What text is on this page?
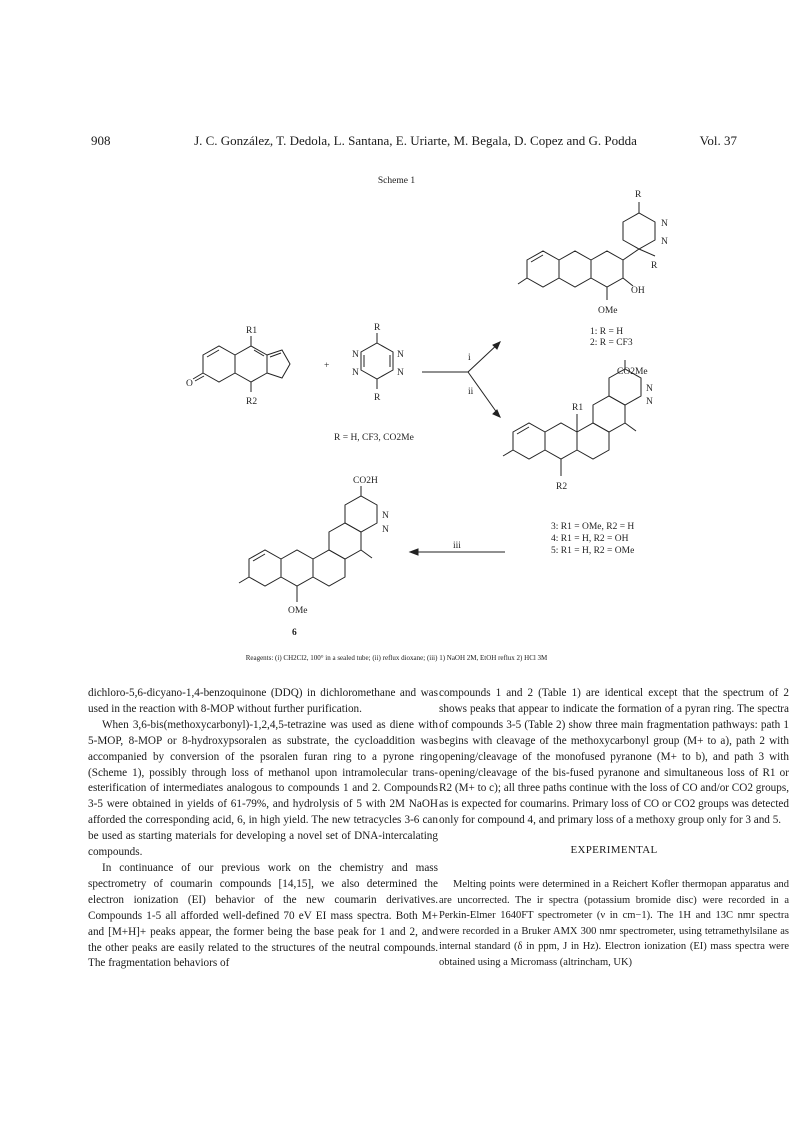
908	J. C. González, T. Dedola, L. Santana, E. Uriarte, M. Begala, D. Copez and G. Podda	Vol. 37
Scheme 1
R1
R2
O
+
R
R
N
N
N
N
R = H, CF3, CO2Me
i
ii
iii
R
N
N
R
OH
OMe
1: R = H
2: R = CF3
CO2Me
R1
R2
N
N
3: R1 = OMe, R2 = H
4: R1 = H, R2 = OH
5: R1 = H, R2 = OMe
CO2H
N
N
OMe
6
Reagents: (i) CH2Cl2, 100° in a sealed tube; (ii) reflux dioxane; (iii) 1) NaOH 2M, EtOH reflux 2) HCl 3M

dichloro-5,6-dicyano-1,4-benzoquinone (DDQ) in dichloromethane and was used in the reaction with 8-MOP without further purification.

When 3,6-bis(methoxycarbonyl)-1,2,4,5-tetrazine was used as diene with 5-MOP, 8-MOP or 8-hydroxypsoralen as substrate, the cycloaddition was accompanied by conversion of the psoralen furan ring to a pyrone ring (Scheme 1), possibly through loss of methanol upon intramolecular trans-esterification of intermediates analogous to compounds 1 and 2. Compounds 3-5 were obtained in yields of 61-79%, and hydrolysis of 5 with 2M NaOH afforded the corresponding acid, 6, in high yield. The new tetracycles 3-6 can be used as starting materials for developing a novel set of DNA-intercalating compounds.

In continuance of our previous work on the chemistry and mass spectrometry of coumarin compounds [14,15], we also determined the electron ionization (EI) behavior of the new coumarin derivatives. Compounds 1-5 all afforded well-defined 70 eV EI mass spectra. Both M+ and [M+H]+ peaks appear, the former being the base peak for 1 and 2, and the other peaks are easily related to the structures of the neutral compounds. The fragmentation behaviors of

compounds 1 and 2 (Table 1) are identical except that the spectrum of 2 shows peaks that appear to indicate the formation of a pyran ring. The spectra of compounds 3-5 (Table 2) show three main fragmentation pathways: path 1 begins with cleavage of the methoxycarbonyl group (M+ to a), path 2 with opening/cleavage of the monofused pyranone (M+ to b), and path 3 with opening/cleavage of the bis-fused pyranone and simultaneous loss of R1 or R2 (M+ to c); all three paths continue with the loss of CO and/or CO2 groups, as is expected for coumarins. Primary loss of CO or CO2 groups was detected only for compound 4, and primary loss of a methoxy group only for 3 and 5.

EXPERIMENTAL

Melting points were determined in a Reichert Kofler thermopan apparatus and are uncorrected. The ir spectra (potassium bromide disc) were recorded in a Perkin-Elmer 1640FT spectrometer (ν in cm−1). The 1H and 13C nmr spectra were recorded in a Bruker AMX 300 nmr spectrometer, using tetramethylsilane as internal standard (δ in ppm, J in Hz). Electron ionization (EI) mass spectra were obtained using a Micromass (altrincham, UK)
